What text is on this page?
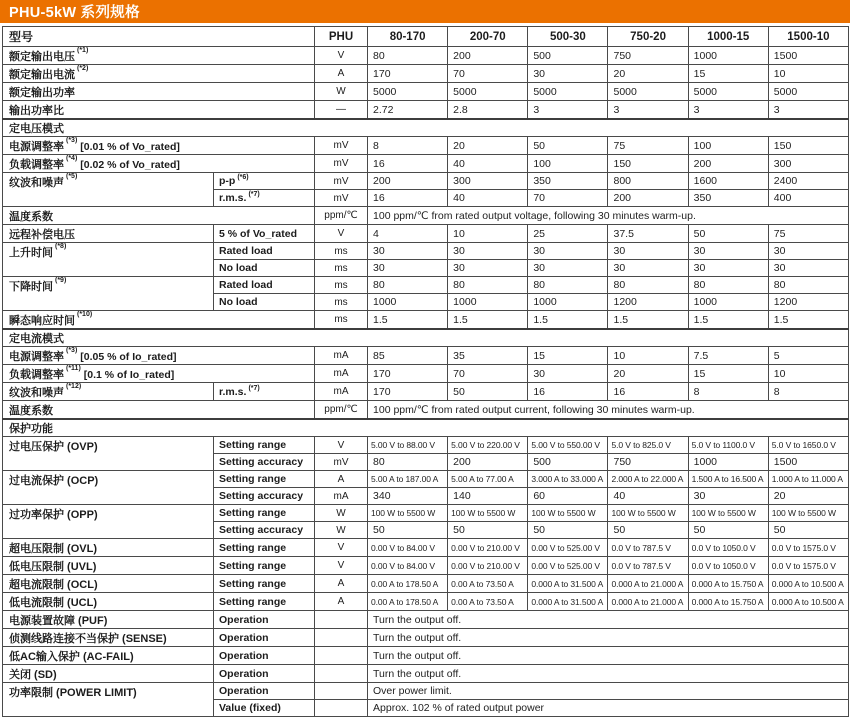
PHU-5kW 系列规格
型号		PHU	80-170	200-70	500-30	750-20	1000-15	1500-10
额定输出电压$^{(*1)}$		V	80	200	500	750	1000	1500
额定输出电流$^{(*2)}$		A	170	70	30	20	15	10
额定输出功率		W	5000	5000	5000	5000	5000	5000
输出功率比		—	2.72	2.8	3	3	3	3
定电压模式								
电源调整率$^{(*3)}$[0.01 % of Vo_rated]		mV	8	20	50	75	100	150
负载调整率$^{(*4)}$[0.02 % of Vo_rated]		mV	16	40	100	150	200	300
纹波和噪声$^{(*5)}$	p-p $^{(*6)}$	mV	200	300	350	800	1600	2400
	r.m.s. $^{(*7)}$	mV	16	40	70	200	350	400
温度系数		ppm/℃	100 ppm/℃ from rated output voltage, following 30 minutes warm-up.					
远程补偿电压	5 % of Vo_rated	V	4	10	25	37.5	50	75
上升时间$^{(*8)}$	Rated load	ms	30	30	30	30	30	30
	No load	ms	30	30	30	30	30	30
下降时间$^{(*9)}$	Rated load	ms	80	80	80	80	80	80
	No load	ms	1000	1000	1000	1200	1000	1200
瞬态响应时间$^{(*10)}$		ms	1.5	1.5	1.5	1.5	1.5	1.5
定电流模式								
电源调整率$^{(*3)}$[0.05 % of Io_rated]		mA	85	35	15	10	7.5	5
负载调整率$^{(*11)}$[0.1 % of Io_rated]		mA	170	70	30	20	15	10
纹波和噪声$^{(*12)}$	r.m.s. $^{(*7)}$	mA	170	50	16	16	8	8
温度系数		ppm/℃	100 ppm/℃ from rated output current, following 30 minutes warm-up.					
保护功能								
过电压保护 (OVP)	Setting range	V	5.00 V to 88.00 V	5.00 V to 220.00 V	5.00 V to 550.00 V	5.0 V to 825.0 V	5.0 V to 1100.0 V	5.0 V to 1650.0 V
	Setting accuracy	mV	80	200	500	750	1000	1500
过电流保护 (OCP)	Setting range	A	5.00 A to 187.00 A	5.00 A to 77.00 A	3.000 A to 33.000 A	2.000 A to 22.000 A	1.500 A to 16.500 A	1.000 A to 11.000 A
	Setting accuracy	mA	340	140	60	40	30	20
过功率保护 (OPP)	Setting range	W	100 W to 5500 W	100 W to 5500 W	100 W to 5500 W	100 W to 5500 W	100 W to 5500 W	100 W to 5500 W
	Setting accuracy	W	50	50	50	50	50	50
超电压限制 (OVL)	Setting range	V	0.00 V to 84.00 V	0.00 V to 210.00 V	0.00 V to 525.00 V	0.0 V to 787.5 V	0.0 V to 1050.0 V	0.0 V to 1575.0 V
低电压限制 (UVL)	Setting range	V	0.00 V to 84.00 V	0.00 V to 210.00 V	0.00 V to 525.00 V	0.0 V to 787.5 V	0.0 V to 1050.0 V	0.0 V to 1575.0 V
超电流限制 (OCL)	Setting range	A	0.00 A to 178.50 A	0.00 A to 73.50 A	0.000 A to 31.500 A	0.000 A to 21.000 A	0.000 A to 15.750 A	0.000 A to 10.500 A
低电流限制 (UCL)	Setting range	A	0.00 A to 178.50 A	0.00 A to 73.50 A	0.000 A to 31.500 A	0.000 A to 21.000 A	0.000 A to 15.750 A	0.000 A to 10.500 A
电源装置故障 (PUF)	Operation		Turn the output off.					
侦测线路连接不当保护 (SENSE)	Operation		Turn the output off.					
低AC输入保护 (AC-FAIL)	Operation		Turn the output off.					
关闭 (SD)	Operation		Turn the output off.					
功率限制 (POWER LIMIT)	Operation		Over power limit.					
	Value (fixed)		Approx. 102 % of rated output power					
